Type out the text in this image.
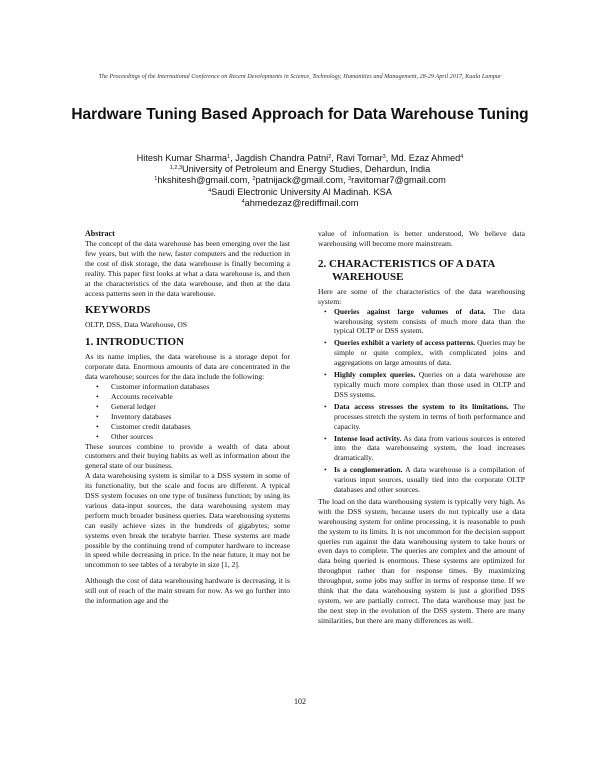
The Proceedings of the International Conference on Recent Developments in Science, Technology, Humanities and Management, 28-29 April 2017, Kuala Lumpur
Hardware Tuning Based Approach for Data Warehouse Tuning
Hitesh Kumar Sharma$^1$, Jagdish Chandra Patni$^2$, Ravi Tomar$^3$, Md. Ezaz Ahmed$^4$
$^{1,2,3}$University of Petroleum and Energy Studies, Dehardun, India
$^1$hkshitesh@gmail.com, $^2$patnijack@gmail.com, $^3$ravitomar7@gmail.com
$^4$Saudi Electronic University Al Madinah. KSA
$^4$ahmedezaz@rediffmail.com

Abstract

The concept of the data warehouse has been emerging over the last few years, but with the new, faster computers and the reduction in the cost of disk storage, the data warehouse is finally becoming a reality. This paper first looks at what a data warehouse is, and then at the characteristics of the data warehouse, and then at the data access patterns seen in the data warehouse.

KEYWORDS

OLTP, DSS, Data Warehouse, OS

1. INTRODUCTION

As its name implies, the data warehouse is a storage depot for corporate data. Enormous amounts of data are concentrated in the data warehouse; sources for the data include the following:

• Customer information databases
• Accounts receivable
• General ledger
• Inventory databases
• Customer credit databases
• Other sources

These sources combine to provide a wealth of data about customers and their buying habits as well as information about the general state of our business.

A data warehousing system is similar to a DSS system in some of its functionality, but the scale and focus are different. A typical DSS system focuses on one type of business function; by using its various data-input sources, the data warehousing system may perform much broader business queries. Data warehousing systems can easily achieve sizes in the hundreds of gigabytes; some systems even break the terabyte barrier. These systems are made possible by the continuing trend of computer hardware to increase in speed while decreasing in price. In the near future, it may not be uncommon to see tables of a terabyte in size [1, 2].

Although the cost of data warehousing hardware is decreasing, it is still out of reach of the main stream for now. As we go further into the information age and the

value of information is better understood, We believe data warehousing will become more mainstream.

2. CHARACTERISTICS OF A DATA
WAREHOUSE

Here are some of the characteristics of the data warehousing system:

• Queries against large volumes of data. The data warehousing system consists of much more data than the typical OLTP or DSS system.
• Queries exhibit a variety of access patterns. Queries may be simple or quite complex, with complicated joins and aggregations on large amounts of data.
• Highly complex queries. Queries on a data warehouse are typically much more complex than those used in OLTP and DSS systems.
• Data access stresses the system to its limitations. The processes stretch the system in terms of both performance and capacity.
• Intense load activity. As data from various sources is entered into the data warehouseing system, the load increases dramatically.
• Is a conglomeration. A data warehouse is a compilation of various input sources, usually tied into the corporate OLTP databases and other sources.

The load on the data warehousing system is typically very high. As with the DSS system, because users do not typically use a data warehousing system for online processing, it is reasonable to push the system to its limits. It is not uncommon for the decision support queries run against the data warehousing system to take hours or even days to complete. The queries are complex and the amount of data being queried is enormous. These systems are optimized for throughput rather than for response times. By maximizing throughput, some jobs may suffer in terms of response time. If we think that the data warehousing system is just a glorified DSS system, we are partially correct. The data warehouse may just be the next step in the evolution of the DSS system. There are many similarities, but there are many differences as well.

102
